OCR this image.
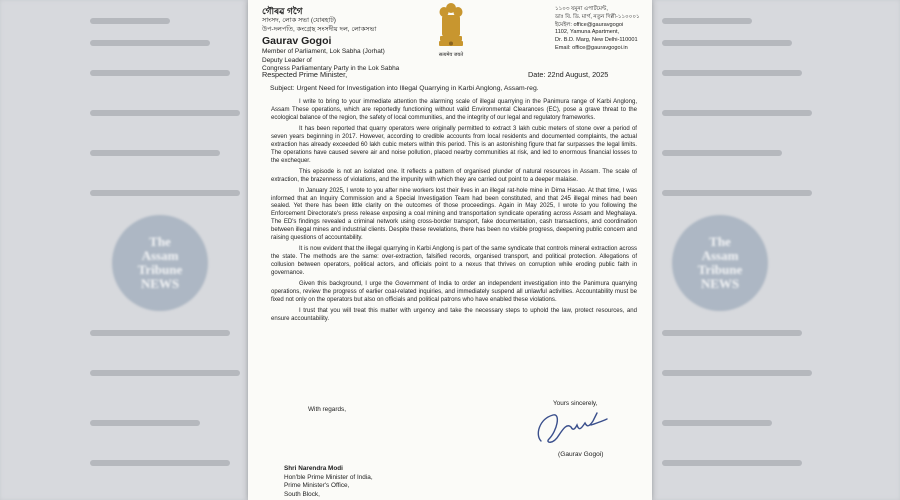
The
Assam
Tribune
NEWS
The
Assam
Tribune
NEWS
গৌৰৱ গগৈ
সাংসদ, লোক সভা (যোৰহাট)
উপ-দলপতি, কংগ্ৰেছ সংসদীয় দল, লোকসভা
Gaurav Gogoi
Member of Parliament, Lok Sabha (Jorhat)
Deputy Leader of
Congress Parliamentary Party in the Lok Sabha
सत्यमेव जयते
১১০৩ যমুনা এপাৰ্টমেন্ট,
ডাঃ বি. ডি. মাৰ্গ, নতুন দিল্লী-১১০০০১
ইমেইল: office@gauravgogoi
1102, Yamuna Apartment,
Dr. B.D. Marg, New Delhi-110001
Email: office@gauravgogoi.in
Respected Prime Minister,	Date: 22nd August, 2025
Subject: Urgent Need for Investigation into Illegal Quarrying in Karbi Anglong, Assam-reg.

I write to bring to your immediate attention the alarming scale of illegal quarrying in the Panimura range of Karbi Anglong, Assam These operations, which are reportedly functioning without valid Environmental Clearances (EC), pose a grave threat to the ecological balance of the region, the safety of local communities, and the integrity of our legal and regulatory frameworks.

It has been reported that quarry operators were originally permitted to extract 3 lakh cubic meters of stone over a period of seven years beginning in 2017. However, according to credible accounts from local residents and documented complaints, the actual extraction has already exceeded 60 lakh cubic meters within this period. This is an astonishing figure that far surpasses the legal limits. The operations have caused severe air and noise pollution, placed nearby communities at risk, and led to enormous financial losses to the exchequer.

This episode is not an isolated one. It reflects a pattern of organised plunder of natural resources in Assam. The scale of extraction, the brazenness of violations, and the impunity with which they are carried out point to a deeper malaise.

In January 2025, I wrote to you after nine workers lost their lives in an illegal rat-hole mine in Dima Hasao. At that time, I was informed that an Inquiry Commission and a Special Investigation Team had been constituted, and that 245 illegal mines had been sealed. Yet there has been little clarity on the outcomes of those proceedings. Again in May 2025, I wrote to you following the Enforcement Directorate's press release exposing a coal mining and transportation syndicate operating across Assam and Meghalaya. The ED's findings revealed a criminal network using cross-border transport, fake documentation, cash transactions, and coordination between illegal mines and industrial clients. Despite these revelations, there has been no visible progress, deepening public concern and raising questions of accountability.

It is now evident that the illegal quarrying in Karbi Anglong is part of the same syndicate that controls mineral extraction across the state. The methods are the same: over-extraction, falsified records, organised transport, and political protection. Allegations of collusion between operators, political actors, and officials point to a nexus that thrives on corruption while eroding public faith in governance.

Given this background, I urge the Government of India to order an independent investigation into the Panimura quarrying operations, review the progress of earlier coal-related inquiries, and immediately suspend all unlawful activities. Accountability must be fixed not only on the operators but also on officials and political patrons who have enabled these violations.

I trust that you will treat this matter with urgency and take the necessary steps to uphold the law, protect resources, and ensure accountability.

With regards,
Yours sincerely,
(Gaurav Gogoi)
Shri Narendra Modi
Hon'ble Prime Minister of India,
Prime Minister's Office,
South Block,
